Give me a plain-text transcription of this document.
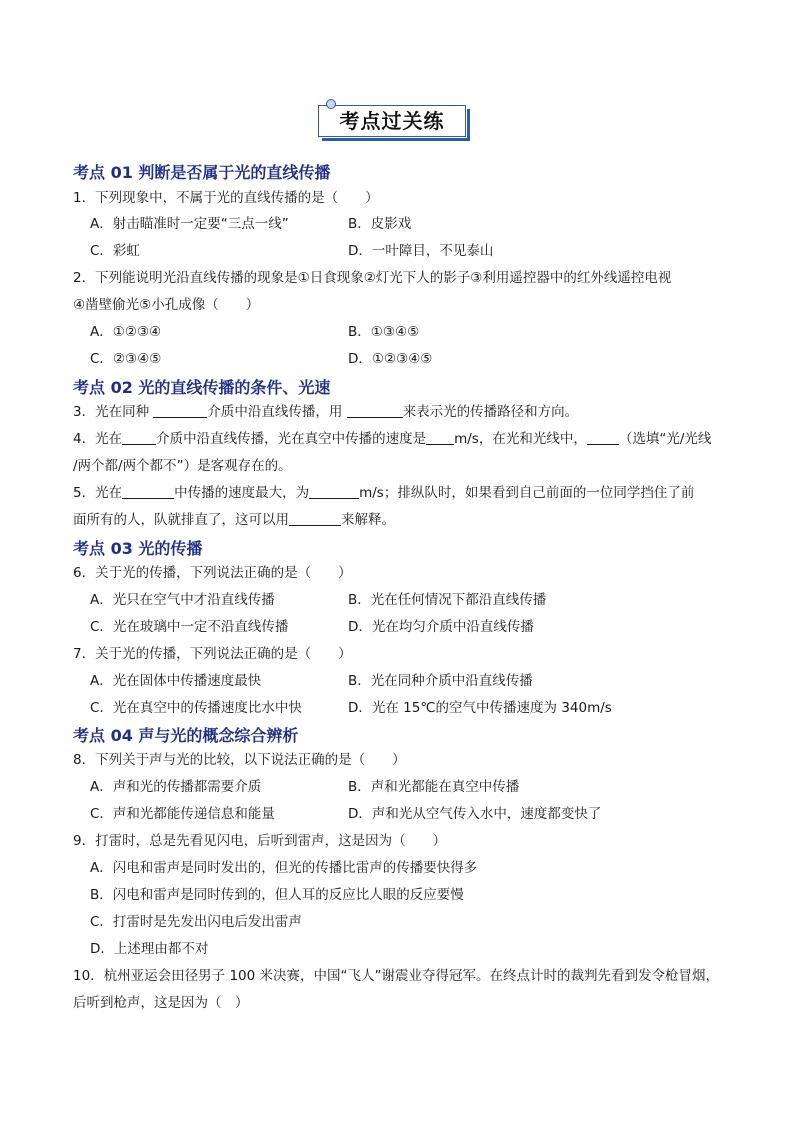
考点过关练
考点 01 判断是否属于光的直线传播
1．下列现象中，不属于光的直线传播的是（　　）
A．射击瞄准时一定要“三点一线”	B．皮影戏
C．彩虹	D．一叶障目，不见泰山
2．下列能说明光沿直线传播的现象是①日食现象②灯光下人的影子③利用遥控器中的红外线遥控电视
④凿壁偷光⑤小孔成像（　　）
A．①②③④	B．①③④⑤
C．②③④⑤	D．①②③④⑤
考点 02 光的直线传播的条件、光速
3．光在同种	介质中沿直线传播，用	来表示光的传播路径和方向。
4．光在	介质中沿直线传播，光在真空中传播的速度是 m/s，在光和光线中， （选填“光/光线
/两个都/两个都不”）是客观存在的。
5．光在	中传播的速度最大，为	m/s；排纵队时，如果看到自己前面的一位同学挡住了前
面所有的人，队就排直了，这可以用	来解释。
考点 03 光的传播
6．关于光的传播，下列说法正确的是（　　）
A．光只在空气中才沿直线传播	B．光在任何情况下都沿直线传播
C．光在玻璃中一定不沿直线传播	D．光在均匀介质中沿直线传播
7．关于光的传播，下列说法正确的是（　　）
A．光在固体中传播速度最快	B．光在同种介质中沿直线传播
C．光在真空中的传播速度比水中快	D．光在 15℃的空气中传播速度为 340m/s
考点 04 声与光的概念综合辨析
8．下列关于声与光的比较，以下说法正确的是（　　）
A．声和光的传播都需要介质	B．声和光都能在真空中传播
C．声和光都能传递信息和能量	D．声和光从空气传入水中，速度都变快了
9．打雷时，总是先看见闪电，后听到雷声，这是因为（　　）
A．闪电和雷声是同时发出的，但光的传播比雷声的传播要快得多
B．闪电和雷声是同时传到的，但人耳的反应比人眼的反应要慢
C．打雷时是先发出闪电后发出雷声
D．上述理由都不对
10．杭州亚运会田径男子 100 米决赛，中国“飞人”谢震业夺得冠军。在终点计时的裁判先看到发令枪冒烟，
后听到枪声，这是因为（　）
